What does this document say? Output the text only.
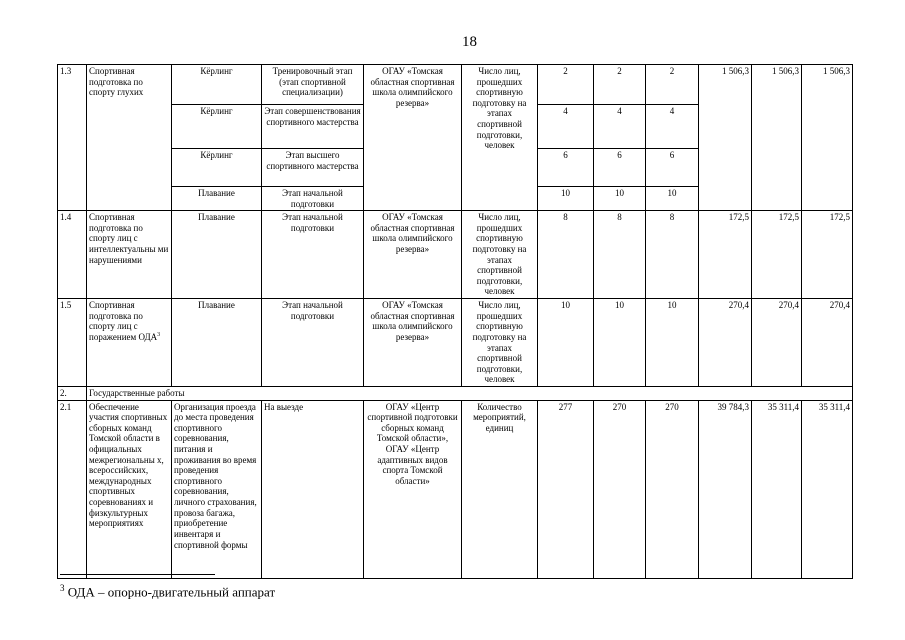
18
1.3	Спортивная подготовка по спорту глухих	Кёрлинг	Тренировочный этап (этап спортивной специализации)	ОГАУ «Томская областная спортивная школа олимпийского резерва»	Число лиц, прошедших спортивную подготовку на этапах спортивной подготовки, человек	2	2	2	1 506,3	1 506,3	1 506,3
		Кёрлинг	Этап совершенствования спортивного мастерства			4	4	4			
		Кёрлинг	Этап высшего спортивного мастерства			6	6	6			
		Плавание	Этап начальной подготовки			10	10	10			
1.4	Спортивная подготовка по спорту лиц с интеллектуальны ми нарушениями	Плавание	Этап начальной подготовки	ОГАУ «Томская областная спортивная школа олимпийского резерва»	Число лиц, прошедших спортивную подготовку на этапах спортивной подготовки, человек	8	8	8	172,5	172,5	172,5
1.5	Спортивная подготовка по спорту лиц с поражением ОДА$^3$	Плавание	Этап начальной подготовки	ОГАУ «Томская областная спортивная школа олимпийского резерва»	Число лиц, прошедших спортивную подготовку на этапах спортивной подготовки, человек	10	10	10	270,4	270,4	270,4
2.	Государственные работы										
2.1	Обеспечение участия спортивных сборных команд Томской области в официальных межрегиональны х, всероссийских, международных спортивных соревнованиях и физкультурных мероприятиях	Организация проезда до места проведения спортивного соревнования, питания и проживания во время проведения спортивного соревнования, личного страхования, провоза багажа, приобретение инвентаря и спортивной формы	На выезде	ОГАУ «Центр спортивной подготовки сборных команд Томской области», ОГАУ «Центр адаптивных видов спорта Томской области»	Количество мероприятий, единиц	277	270	270	39 784,3	35 311,4	35 311,4
$^3$ ОДА – опорно-двигательный аппарат
